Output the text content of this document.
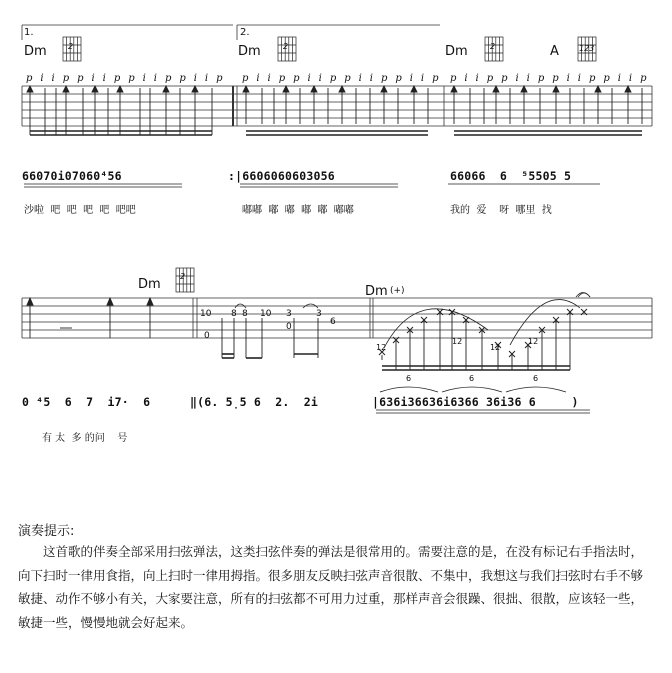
1.	2.
Dm	Dm	Dm	A
2	2	2	123
p i i p p i i p p i i p p i i p p i i p p i i p p i i p p i i p p i i p p i i p p i i p p i i p
66070i07060⁴56	:|6606060603056	66066  6  ⁵5505 5
沙啦  吧  吧  吧  吧  吧吧	嘟嘟  嘟  嘟  嘟  嘟  嘟嘟	我的  爱    呀  哪里  找
Dm
2
Dm (+)
10 8 8 10 3
0
0
3
6
12
12
12
12
6	6	6
0 ⁴5  6  7  i7·  6	‖(6. 5̣5 6  2.  2i	|636i36636i6366 36i36 6     )
有 太  多 的问    号
演奏提示:
这首歌的伴奏全部采用扫弦弹法，这类扫弦伴奏的弹法是很常用的。需要注意的是，在没有标记右手指法时，向下扫时一律用食指，向上扫时一律用拇指。很多朋友反映扫弦声音很散、不集中，我想这与我们扫弦时右手不够敏捷、动作不够小有关，大家要注意，所有的扫弦都不可用力过重，那样声音会很躁、很拙、很散，应该轻一些，敏捷一些，慢慢地就会好起来。
